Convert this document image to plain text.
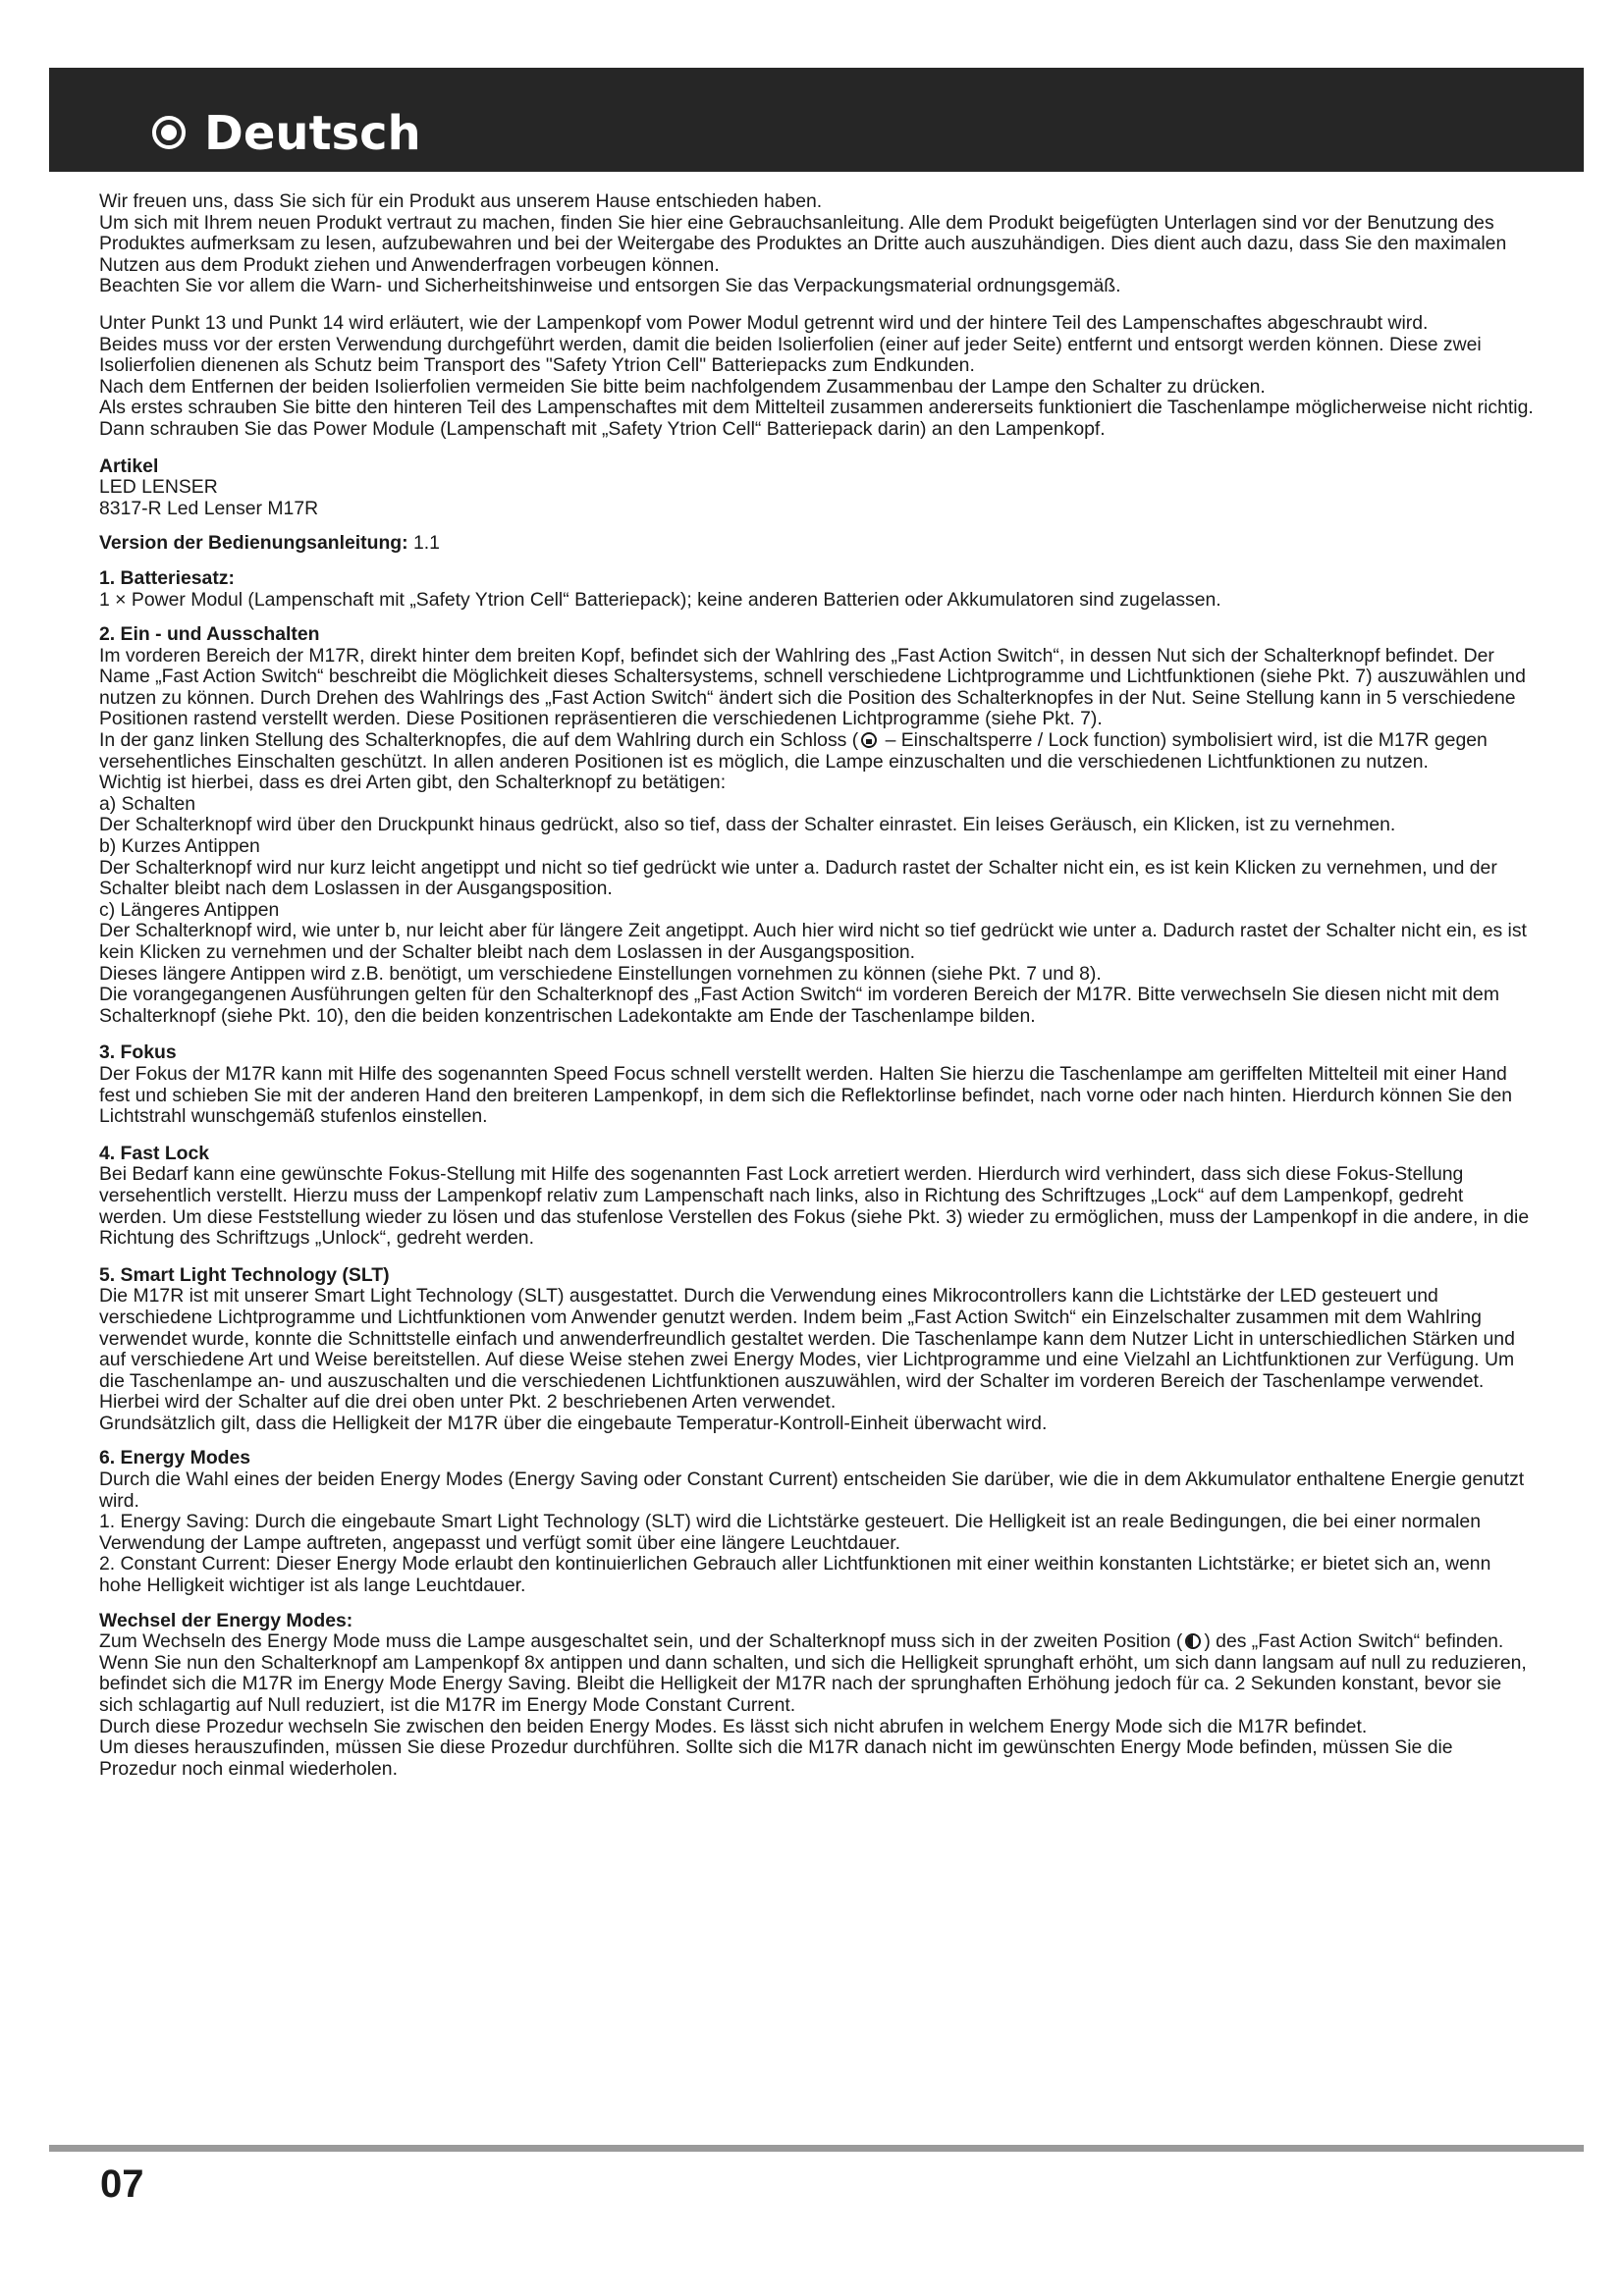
Deutsch

Wir freuen uns, dass Sie sich für ein Produkt aus unserem Hause entschieden haben.

Um sich mit Ihrem neuen Produkt vertraut zu machen, finden Sie hier eine Gebrauchsanleitung. Alle dem Produkt beigefügten Unterlagen sind vor der Benutzung des Produktes aufmerksam zu lesen, aufzubewahren und bei der Weitergabe des Produktes an Dritte auch auszuhändigen. Dies dient auch dazu, dass Sie den maximalen Nutzen aus dem Produkt ziehen und Anwenderfragen vorbeugen können.

Beachten Sie vor allem die Warn- und Sicherheitshinweise und entsorgen Sie das Verpackungsmaterial ordnungsgemäß.

Unter Punkt 13 und Punkt 14 wird erläutert, wie der Lampenkopf vom Power Modul getrennt wird und der hintere Teil des Lampenschaftes abgeschraubt wird.

Beides muss vor der ersten Verwendung durchgeführt werden, damit die beiden Isolierfolien (einer auf jeder Seite) entfernt und entsorgt werden können. Diese zwei Isolierfolien dienenen als Schutz beim Transport des "Safety Ytrion Cell" Batteriepacks zum Endkunden.

Nach dem Entfernen der beiden Isolierfolien vermeiden Sie bitte beim nachfolgendem Zusammenbau der Lampe den Schalter zu drücken.

Als erstes schrauben Sie bitte den hinteren Teil des Lampenschaftes mit dem Mittelteil zusammen andererseits funktioniert die Taschenlampe möglicherweise nicht richtig. Dann schrauben Sie das Power Module (Lampenschaft mit „Safety Ytrion Cell“ Batteriepack darin) an den Lampenkopf.

Artikel

LED LENSER

8317-R Led Lenser M17R

Version der Bedienungsanleitung: 1.1

1. Batteriesatz:

1 × Power Modul (Lampenschaft mit „Safety Ytrion Cell“ Batteriepack); keine anderen Batterien oder Akkumulatoren sind zugelassen.

2. Ein - und Ausschalten

Im vorderen Bereich der M17R, direkt hinter dem breiten Kopf, befindet sich der Wahlring des „Fast Action Switch“, in dessen Nut sich der Schalterknopf befindet. Der Name „Fast Action Switch“ beschreibt die Möglichkeit dieses Schaltersystems, schnell verschiedene Lichtprogramme und Lichtfunktionen (siehe Pkt. 7) auszuwählen und nutzen zu können. Durch Drehen des Wahlrings des „Fast Action Switch“ ändert sich die Position des Schalterknopfes in der Nut. Seine Stellung kann in 5 verschiedene Positionen rastend verstellt werden. Diese Positionen repräsentieren die verschiedenen Lichtprogramme (siehe Pkt. 7).

In der ganz linken Stellung des Schalterknopfes, die auf dem Wahlring durch ein Schloss ( – Einschaltsperre / Lock function) symbolisiert wird, ist die M17R gegen versehentliches Einschalten geschützt. In allen anderen Positionen ist es möglich, die Lampe einzuschalten und die verschiedenen Lichtfunktionen zu nutzen.

Wichtig ist hierbei, dass es drei Arten gibt, den Schalterknopf zu betätigen:

a) Schalten

Der Schalterknopf wird über den Druckpunkt hinaus gedrückt, also so tief, dass der Schalter einrastet. Ein leises Geräusch, ein Klicken, ist zu vernehmen.

b) Kurzes Antippen

Der Schalterknopf wird nur kurz leicht angetippt und nicht so tief gedrückt wie unter a. Dadurch rastet der Schalter nicht ein, es ist kein Klicken zu vernehmen, und der Schalter bleibt nach dem Loslassen in der Ausgangsposition.

c) Längeres Antippen

Der Schalterknopf wird, wie unter b, nur leicht aber für längere Zeit angetippt. Auch hier wird nicht so tief gedrückt wie unter a. Dadurch rastet der Schalter nicht ein, es ist kein Klicken zu vernehmen und der Schalter bleibt nach dem Loslassen in der Ausgangsposition.

Dieses längere Antippen wird z.B. benötigt, um verschiedene Einstellungen vornehmen zu können (siehe Pkt. 7 und 8).

Die vorangegangenen Ausführungen gelten für den Schalterknopf des „Fast Action Switch“ im vorderen Bereich der M17R. Bitte verwechseln Sie diesen nicht mit dem Schalterknopf (siehe Pkt. 10), den die beiden konzentrischen Ladekontakte am Ende der Taschenlampe bilden.

3. Fokus

Der Fokus der M17R kann mit Hilfe des sogenannten Speed Focus schnell verstellt werden. Halten Sie hierzu die Taschenlampe am geriffelten Mittelteil mit einer Hand fest und schieben Sie mit der anderen Hand den breiteren Lampenkopf, in dem sich die Reflektorlinse befindet, nach vorne oder nach hinten. Hierdurch können Sie den Lichtstrahl wunschgemäß stufenlos einstellen.

4. Fast Lock

Bei Bedarf kann eine gewünschte Fokus-Stellung mit Hilfe des sogenannten Fast Lock arretiert werden. Hierdurch wird verhindert, dass sich diese Fokus-Stellung versehentlich verstellt. Hierzu muss der Lampenkopf relativ zum Lampenschaft nach links, also in Richtung des Schriftzuges „Lock“ auf dem Lampenkopf, gedreht werden. Um diese Feststellung wieder zu lösen und das stufenlose Verstellen des Fokus (siehe Pkt. 3) wieder zu ermöglichen, muss der Lampenkopf in die andere, in die Richtung des Schriftzugs „Unlock“, gedreht werden.

5. Smart Light Technology (SLT)

Die M17R ist mit unserer Smart Light Technology (SLT) ausgestattet. Durch die Verwendung eines Mikrocontrollers kann die Lichtstärke der LED gesteuert und verschiedene Lichtprogramme und Lichtfunktionen vom Anwender genutzt werden. Indem beim „Fast Action Switch“ ein Einzelschalter zusammen mit dem Wahlring verwendet wurde, konnte die Schnittstelle einfach und anwenderfreundlich gestaltet werden. Die Taschenlampe kann dem Nutzer Licht in unterschiedlichen Stärken und auf verschiedene Art und Weise bereitstellen. Auf diese Weise stehen zwei Energy Modes, vier Lichtprogramme und eine Vielzahl an Lichtfunktionen zur Verfügung. Um die Taschenlampe an- und auszuschalten und die verschiedenen Lichtfunktionen auszuwählen, wird der Schalter im vorderen Bereich der Taschenlampe verwendet. Hierbei wird der Schalter auf die drei oben unter Pkt. 2 beschriebenen Arten verwendet.

Grundsätzlich gilt, dass die Helligkeit der M17R über die eingebaute Temperatur-Kontroll-Einheit überwacht wird.

6. Energy Modes

Durch die Wahl eines der beiden Energy Modes (Energy Saving oder Constant Current) entscheiden Sie darüber, wie die in dem Akkumulator enthaltene Energie genutzt wird.

1. Energy Saving: Durch die eingebaute Smart Light Technology (SLT) wird die Lichtstärke gesteuert. Die Helligkeit ist an reale Bedingungen, die bei einer normalen Verwendung der Lampe auftreten, angepasst und verfügt somit über eine längere Leuchtdauer.

2. Constant Current: Dieser Energy Mode erlaubt den kontinuierlichen Gebrauch aller Lichtfunktionen mit einer weithin konstanten Lichtstärke; er bietet sich an, wenn hohe Helligkeit wichtiger ist als lange Leuchtdauer.

Wechsel der Energy Modes:

Zum Wechseln des Energy Mode muss die Lampe ausgeschaltet sein, und der Schalterknopf muss sich in der zweiten Position ( ) des „Fast Action Switch“ befinden.

Wenn Sie nun den Schalterknopf am Lampenkopf 8x antippen und dann schalten, und sich die Helligkeit sprunghaft erhöht, um sich dann langsam auf null zu reduzieren, befindet sich die M17R im Energy Mode Energy Saving. Bleibt die Helligkeit der M17R nach der sprunghaften Erhöhung jedoch für ca. 2 Sekunden konstant, bevor sie sich schlagartig auf Null reduziert, ist die M17R im Energy Mode Constant Current.

Durch diese Prozedur wechseln Sie zwischen den beiden Energy Modes. Es lässt sich nicht abrufen in welchem Energy Mode sich die M17R befindet.

Um dieses herauszufinden, müssen Sie diese Prozedur durchführen. Sollte sich die M17R danach nicht im gewünschten Energy Mode befinden, müssen Sie die Prozedur noch einmal wiederholen.

07
